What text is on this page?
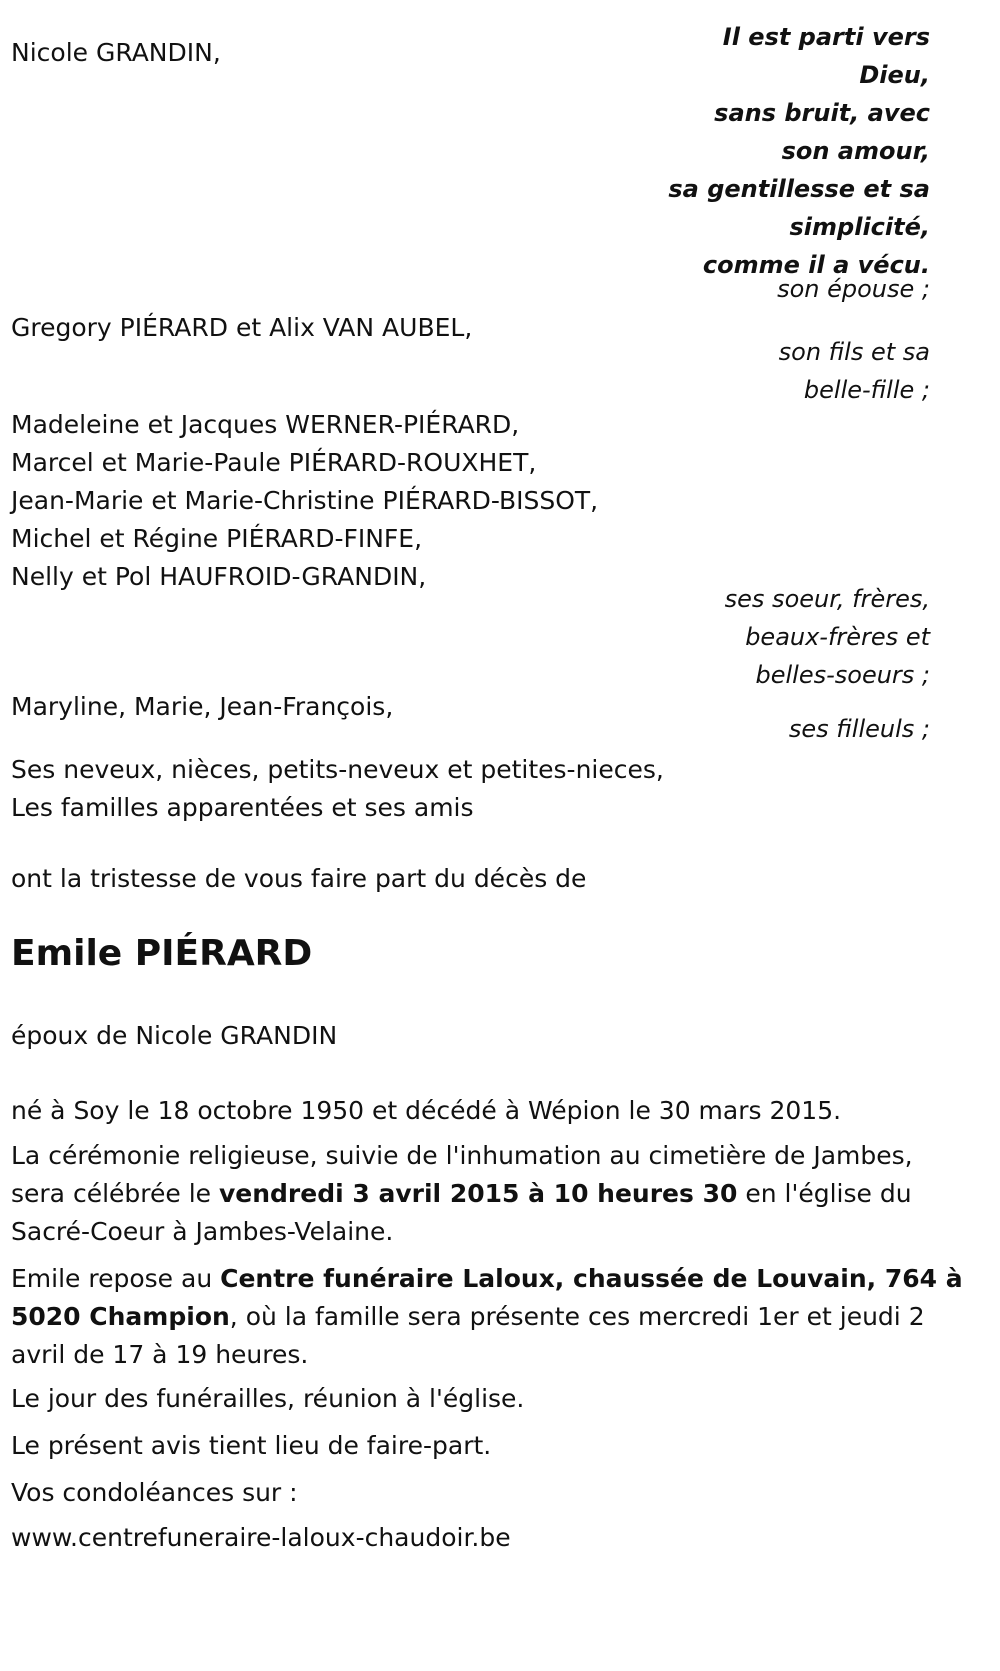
Il est parti vers
Dieu,
sans bruit, avec
son amour,
sa gentillesse et sa
simplicité,
comme il a vécu.
Nicole GRANDIN,
son épouse ;
Gregory PIÉRARD et Alix VAN AUBEL,
son fils et sa
belle-fille ;
Madeleine et Jacques WERNER-PIÉRARD,
Marcel et Marie-Paule PIÉRARD-ROUXHET,
Jean-Marie et Marie-Christine PIÉRARD-BISSOT,
Michel et Régine PIÉRARD-FINFE,
Nelly et Pol HAUFROID-GRANDIN,
ses soeur, frères,
beaux-frères et
belles-soeurs ;
Maryline, Marie, Jean-François,
ses filleuls ;
Ses neveux, nièces, petits-neveux et petites-nieces,
Les familles apparentées et ses amis
ont la tristesse de vous faire part du décès de
Emile PIÉRARD
époux de Nicole GRANDIN
né à Soy le 18 octobre 1950 et décédé à Wépion le 30 mars 2015.
La cérémonie religieuse, suivie de l'inhumation au cimetière de Jambes, sera célébrée le vendredi 3 avril 2015 à 10 heures 30 en l'église du Sacré-Coeur à Jambes-Velaine.
Emile repose au Centre funéraire Laloux, chaussée de Louvain, 764 à 5020 Champion, où la famille sera présente ces mercredi 1er et jeudi 2 avril de 17 à 19 heures.
Le jour des funérailles, réunion à l'église.
Le présent avis tient lieu de faire-part.
Vos condoléances sur :
www.centrefuneraire-laloux-chaudoir.be
